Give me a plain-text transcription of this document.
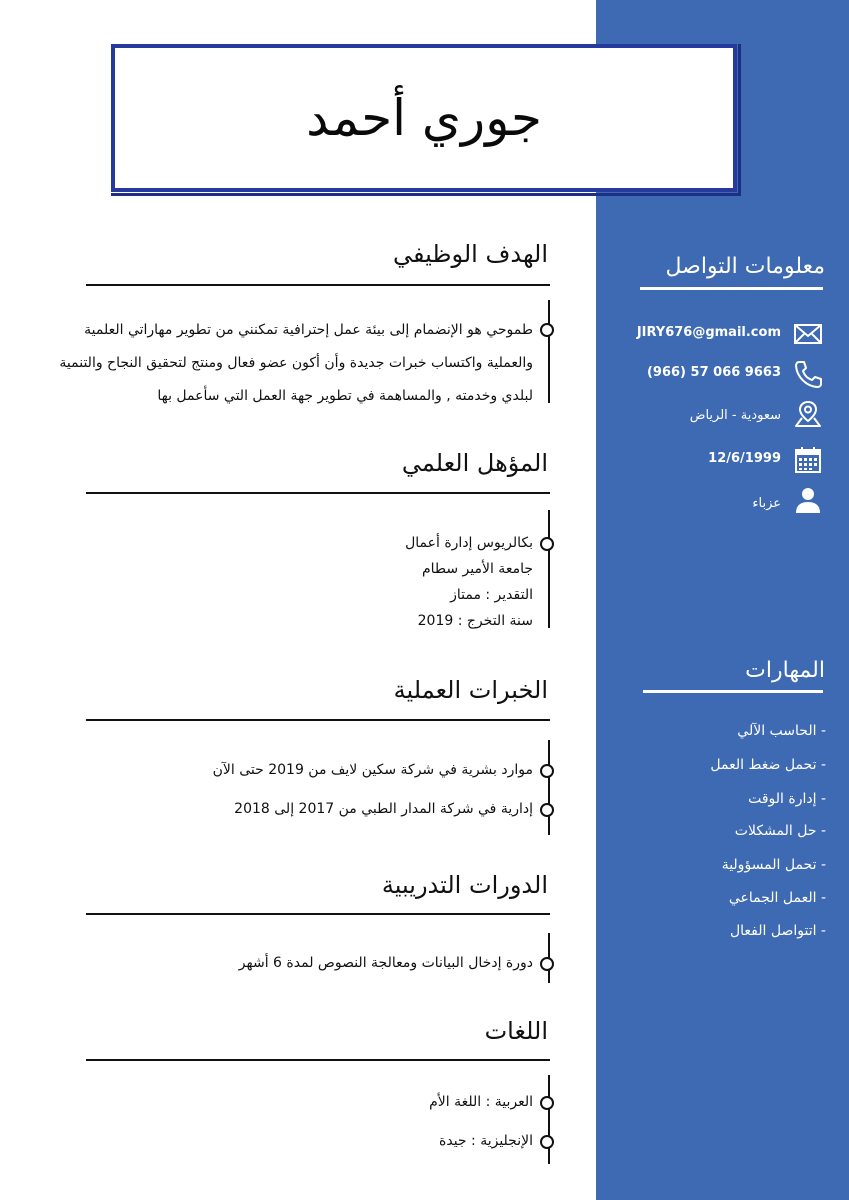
جوري أحمد
الهدف الوظيفي
طموحي هو الإنضمام إلى بيئة عمل إحترافية تمكنني من تطوير مهاراتي العلمية
والعملية واكتساب خبرات جديدة وأن أكون عضو فعال ومنتج لتحقيق النجاح والتنمية
لبلدي وخدمته , والمساهمة في تطوير جهة العمل التي سأعمل بها
المؤهل العلمي
بكالريوس إدارة أعمال
جامعة الأمير سطام
التقدير : ممتاز
سنة التخرج : 2019
الخبرات العملية
موارد بشرية في شركة سكين لايف من 2019 حتى الآن
إدارية في شركة المدار الطبي من 2017 إلى 2018
الدورات التدريبية
دورة إدخال البيانات ومعالجة النصوص لمدة 6 أشهر
اللغات
العربية : اللغة الأم
الإنجليزية : جيدة
معلومات التواصل
JIRY676@gmail.com
(966) 57 066 9663
سعودية - الرياض
12/6/1999
عزباء
المهارات
- الحاسب الآلي
- تحمل ضغط العمل
- إدارة الوقت
- حل المشكلات
- تحمل المسؤولية
- العمل الجماعي
- اتتواصل الفعال
